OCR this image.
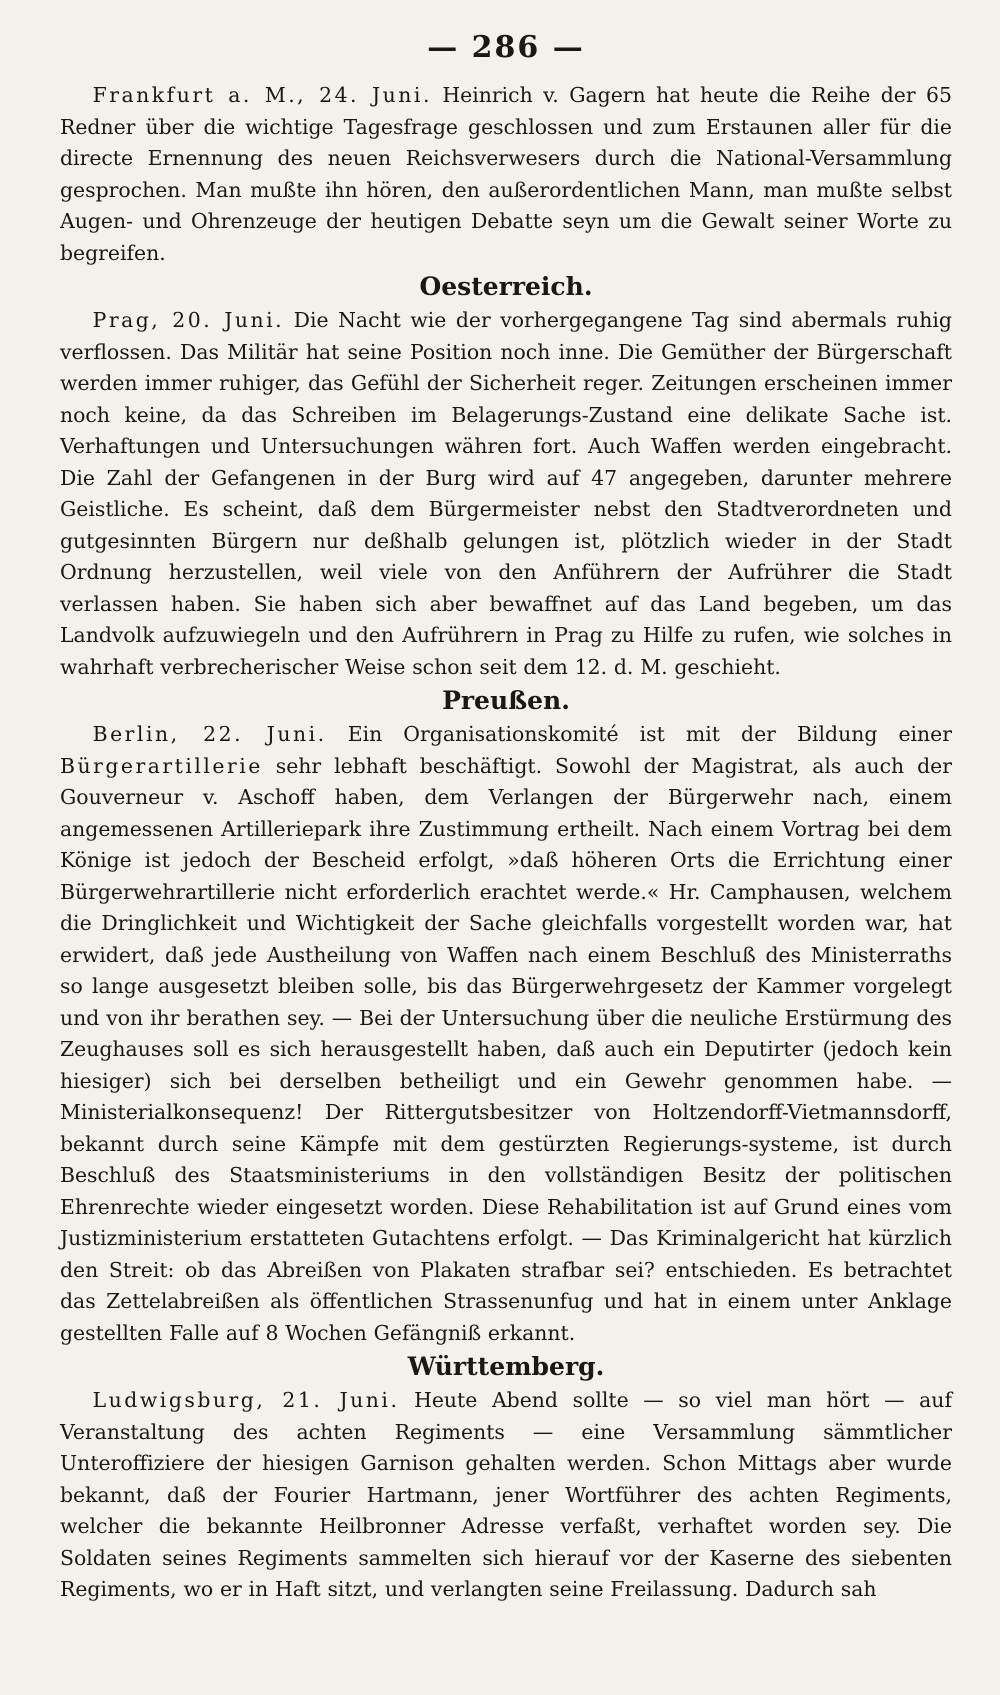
— 286 —

Frankfurt a. M., 24. Juni. Heinrich v. Gagern hat heute die Reihe der 65 Redner über die wichtige Tagesfrage geschlossen und zum Erstaunen aller für die directe Ernennung des neuen Reichsverwesers durch die National-Versammlung gesprochen. Man mußte ihn hören, den außerordentlichen Mann, man mußte selbst Augen- und Ohrenzeuge der heutigen Debatte seyn um die Gewalt seiner Worte zu begreifen.

Oesterreich.

Prag, 20. Juni. Die Nacht wie der vorhergegangene Tag sind abermals ruhig verflossen. Das Militär hat seine Position noch inne. Die Gemüther der Bürgerschaft werden immer ruhiger, das Gefühl der Sicherheit reger. Zeitungen erscheinen immer noch keine, da das Schreiben im Belagerungs-Zustand eine delikate Sache ist. Verhaftungen und Untersuchungen währen fort. Auch Waffen werden eingebracht. Die Zahl der Gefangenen in der Burg wird auf 47 angegeben, darunter mehrere Geistliche. Es scheint, daß dem Bürgermeister nebst den Stadtverordneten und gutgesinnten Bürgern nur deßhalb gelungen ist, plötzlich wieder in der Stadt Ordnung herzustellen, weil viele von den Anführern der Aufrührer die Stadt verlassen haben. Sie haben sich aber bewaffnet auf das Land begeben, um das Landvolk aufzuwiegeln und den Aufrührern in Prag zu Hilfe zu rufen, wie solches in wahrhaft verbrecherischer Weise schon seit dem 12. d. M. geschieht.

Preußen.

Berlin, 22. Juni. Ein Organisationskomité ist mit der Bildung einer Bürgerartillerie sehr lebhaft beschäftigt. Sowohl der Magistrat, als auch der Gouverneur v. Aschoff haben, dem Verlangen der Bürgerwehr nach, einem angemessenen Artilleriepark ihre Zustimmung ertheilt. Nach einem Vortrag bei dem Könige ist jedoch der Bescheid erfolgt, »daß höheren Orts die Errichtung einer Bürgerwehrartillerie nicht erforderlich erachtet werde.« Hr. Camphausen, welchem die Dringlichkeit und Wichtigkeit der Sache gleichfalls vorgestellt worden war, hat erwidert, daß jede Austheilung von Waffen nach einem Beschluß des Ministerraths so lange ausgesetzt bleiben solle, bis das Bürgerwehrgesetz der Kammer vorgelegt und von ihr berathen sey. — Bei der Untersuchung über die neuliche Erstürmung des Zeughauses soll es sich herausgestellt haben, daß auch ein Deputirter (jedoch kein hiesiger) sich bei derselben betheiligt und ein Gewehr genommen habe. — Ministerialkonsequenz! Der Rittergutsbesitzer von Holtzendorff-Vietmannsdorff, bekannt durch seine Kämpfe mit dem gestürzten Regierungs-systeme, ist durch Beschluß des Staatsministeriums in den vollständigen Besitz der politischen Ehrenrechte wieder eingesetzt worden. Diese Rehabilitation ist auf Grund eines vom Justizministerium erstatteten Gutachtens erfolgt. — Das Kriminalgericht hat kürzlich den Streit: ob das Abreißen von Plakaten strafbar sei? entschieden. Es betrachtet das Zettelabreißen als öffentlichen Strassenunfug und hat in einem unter Anklage gestellten Falle auf 8 Wochen Gefängniß erkannt.

Württemberg.

Ludwigsburg, 21. Juni. Heute Abend sollte — so viel man hört — auf Veranstaltung des achten Regiments — eine Versammlung sämmtlicher Unteroffiziere der hiesigen Garnison gehalten werden. Schon Mittags aber wurde bekannt, daß der Fourier Hartmann, jener Wortführer des achten Regiments, welcher die bekannte Heilbronner Adresse verfaßt, verhaftet worden sey. Die Soldaten seines Regiments sammelten sich hierauf vor der Kaserne des siebenten Regiments, wo er in Haft sitzt, und verlangten seine Freilassung. Dadurch sah
